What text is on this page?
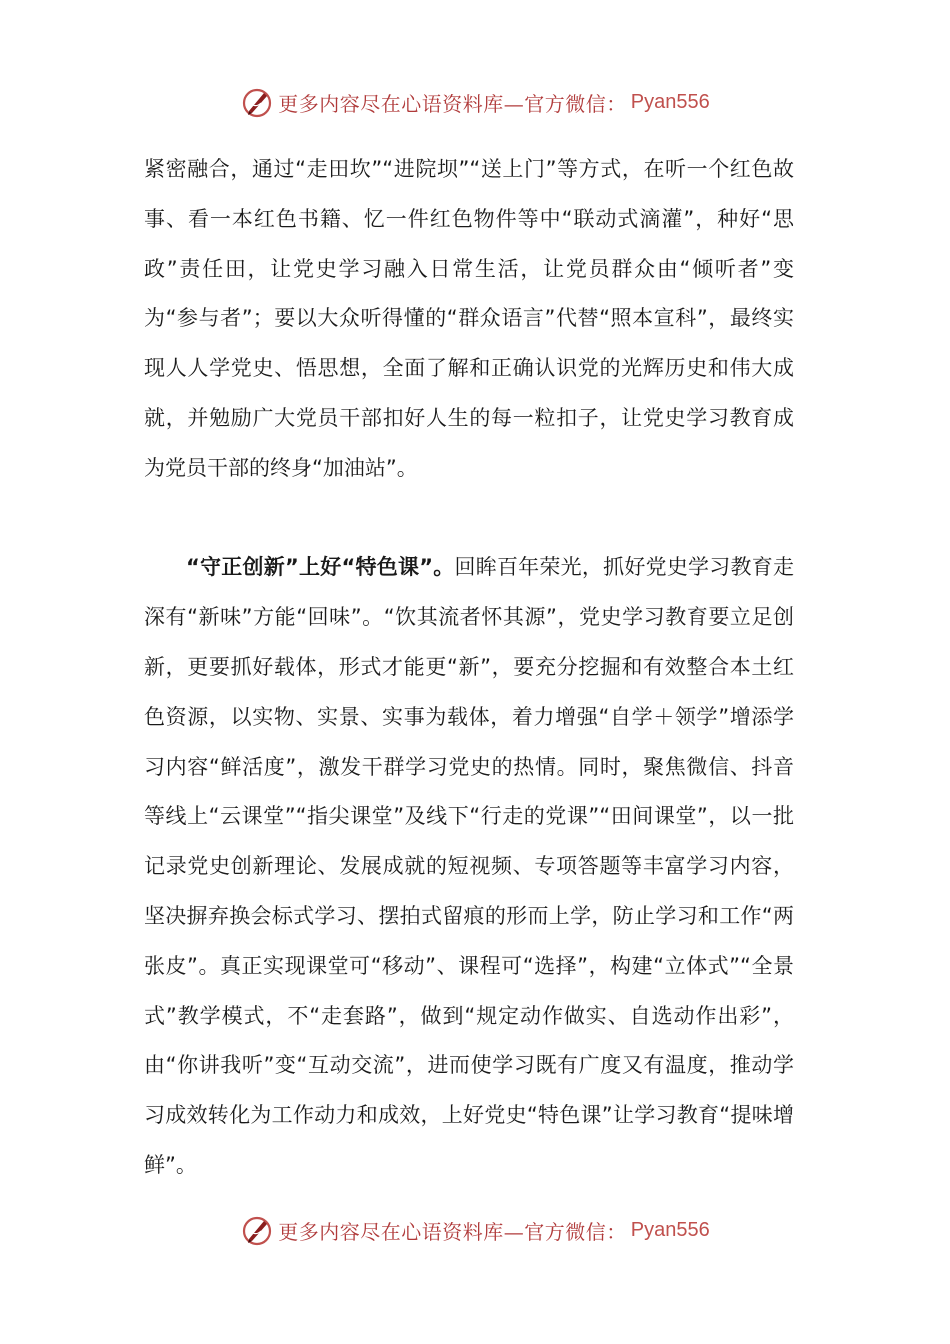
更多内容尽在心语资料库—官方微信： Pyan556

紧密融合，通过“走田坎”“进院坝”“送上门”等方式，在听一个红色故事、看一本红色书籍、忆一件红色物件等中“联动式滴灌”，种好“思政”责任田，让党史学习融入日常生活，让党员群众由“倾听者”变为“参与者”；要以大众听得懂的“群众语言”代替“照本宣科”，最终实现人人学党史、悟思想，全面了解和正确认识党的光辉历史和伟大成就，并勉励广大党员干部扣好人生的每一粒扣子，让党史学习教育成为党员干部的终身“加油站”。

“守正创新”上好“特色课”。回眸百年荣光，抓好党史学习教育走深有“新味”方能“回味”。“饮其流者怀其源”，党史学习教育要立足创新，更要抓好载体，形式才能更“新”，要充分挖掘和有效整合本土红色资源，以实物、实景、实事为载体，着力增强“自学＋领学”增添学习内容“鲜活度”，激发干群学习党史的热情。同时，聚焦微信、抖音等线上“云课堂”“指尖课堂”及线下“行走的党课”“田间课堂”，以一批记录党史创新理论、发展成就的短视频、专项答题等丰富学习内容，坚决摒弃换会标式学习、摆拍式留痕的形而上学，防止学习和工作“两张皮”。真正实现课堂可“移动”、课程可“选择”，构建“立体式”“全景式”教学模式，不“走套路”，做到“规定动作做实、自选动作出彩”，由“你讲我听”变“互动交流”，进而使学习既有广度又有温度，推动学习成效转化为工作动力和成效，上好党史“特色课”让学习教育“提味增鲜”。

更多内容尽在心语资料库—官方微信： Pyan556
